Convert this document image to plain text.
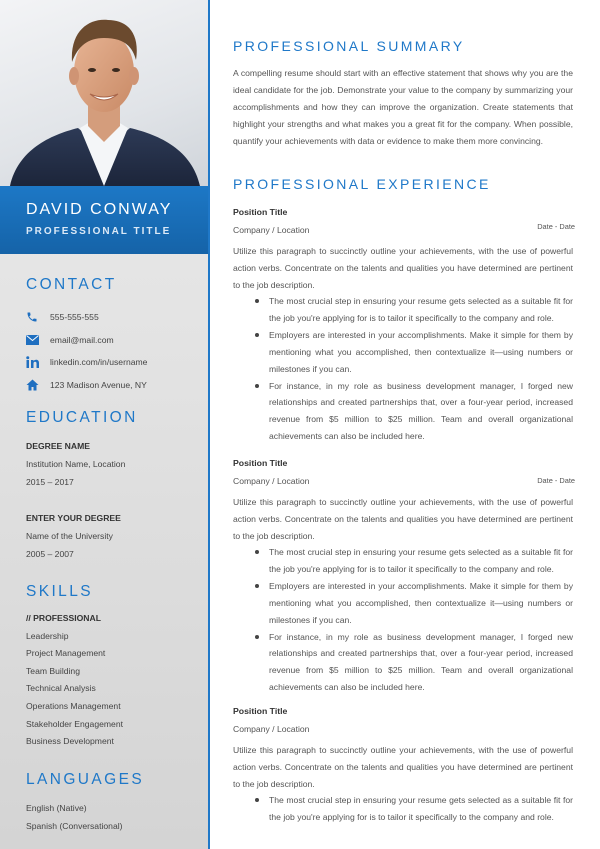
DAVID CONWAY
PROFESSIONAL TITLE
CONTACT
555-555-555
email@mail.com
linkedin.com/in/username
123 Madison Avenue, NY
EDUCATION
DEGREE NAME
Institution Name, Location
2015 – 2017
ENTER YOUR DEGREE
Name of the University
2005 – 2007
SKILLS
// PROFESSIONAL
Leadership
Project Management
Team Building
Technical Analysis
Operations Management
Stakeholder Engagement
Business Development
LANGUAGES
English (Native)
Spanish (Conversational)
PROFESSIONAL SUMMARY
A compelling resume should start with an effective statement that shows why you are the ideal candidate for the job. Demonstrate your value to the company by summarizing your accomplishments and how they can improve the organization. Create statements that highlight your strengths and what makes you a great fit for the company. When possible, quantify your achievements with data or evidence to make them more convincing.
PROFESSIONAL EXPERIENCE
Position Title
Company / Location	Date - Date
Utilize this paragraph to succinctly outline your achievements, with the use of powerful action verbs. Concentrate on the talents and qualities you have determined are pertinent to the job description.
The most crucial step in ensuring your resume gets selected as a suitable fit for the job you're applying for is to tailor it specifically to the company and role.
Employers are interested in your accomplishments. Make it simple for them by mentioning what you accomplished, then contextualize it—using numbers or milestones if you can.
For instance, in my role as business development manager, I forged new relationships and created partnerships that, over a four-year period, increased revenue from $5 million to $25 million. Team and overall organizational achievements can also be included here.
Position Title
Company / Location	Date - Date
Utilize this paragraph to succinctly outline your achievements, with the use of powerful action verbs. Concentrate on the talents and qualities you have determined are pertinent to the job description.
The most crucial step in ensuring your resume gets selected as a suitable fit for the job you're applying for is to tailor it specifically to the company and role.
Employers are interested in your accomplishments. Make it simple for them by mentioning what you accomplished, then contextualize it—using numbers or milestones if you can.
For instance, in my role as business development manager, I forged new relationships and created partnerships that, over a four-year period, increased revenue from $5 million to $25 million. Team and overall organizational achievements can also be included here.
Position Title
Company / Location
Utilize this paragraph to succinctly outline your achievements, with the use of powerful action verbs. Concentrate on the talents and qualities you have determined are pertinent to the job description.
The most crucial step in ensuring your resume gets selected as a suitable fit for the job you're applying for is to tailor it specifically to the company and role.
